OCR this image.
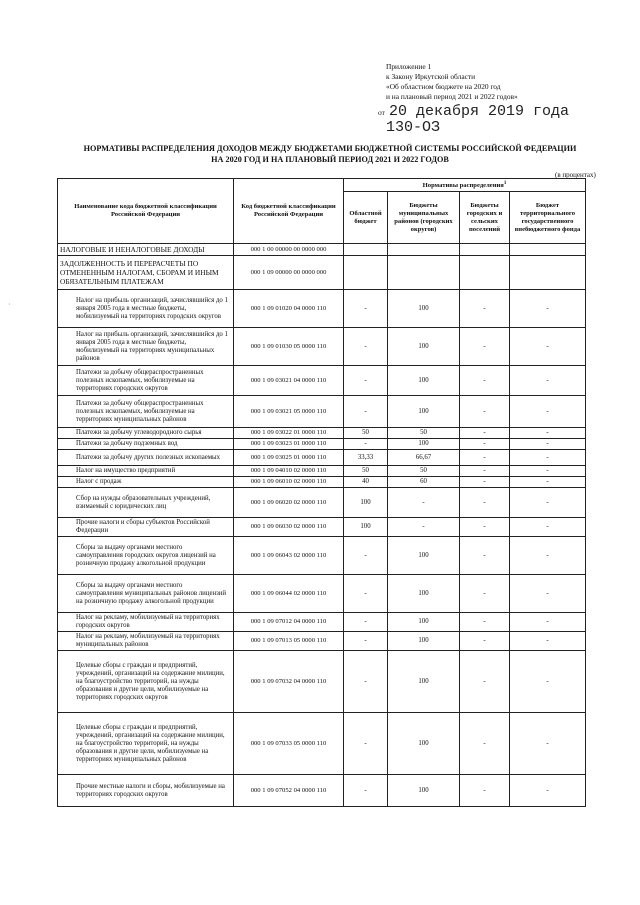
Приложение 1
к Закону Иркутской области
«Об областном бюджете на 2020 год
и на плановый период 2021 и 2022 годов»
от 20 декабря 2019 года
130-ОЗ
НОРМАТИВЫ РАСПРЕДЕЛЕНИЯ ДОХОДОВ МЕЖДУ БЮДЖЕТАМИ БЮДЖЕТНОЙ СИСТЕМЫ РОССИЙСКОЙ ФЕДЕРАЦИИ
НА 2020 ГОД И НА ПЛАНОВЫЙ ПЕРИОД 2021 И 2022 ГОДОВ
(в процентах)
Наименование кода бюджетной классификации Российской Федерации	Код бюджетной классификации Российской Федерации	Нормативы распределения$^1$
		Областной бюджет	Бюджеты муниципальных районов (городских округов)	Бюджеты городских и сельских поселений	Бюджет территориального государственного внебюджетного фонда
НАЛОГОВЫЕ И НЕНАЛОГОВЫЕ ДОХОДЫ	000 1 00 00000 00 0000 000				
ЗАДОЛЖЕННОСТЬ И ПЕРЕРАСЧЕТЫ ПО ОТМЕНЕННЫМ НАЛОГАМ, СБОРАМ И ИНЫМ ОБЯЗАТЕЛЬНЫМ ПЛАТЕЖАМ	000 1 09 00000 00 0000 000				
Налог на прибыль организаций, зачислявшийся до 1 января 2005 года в местные бюджеты, мобилизуемый на территориях городских округов	000 1 09 01020 04 0000 110	-	100	-	-
Налог на прибыль организаций, зачислявшийся до 1 января 2005 года в местные бюджеты, мобилизуемый на территориях муниципальных районов	000 1 09 01030 05 0000 110	-	100	-	-
Платежи за добычу общераспространенных полезных ископаемых, мобилизуемые на территориях городских округов	000 1 09 03021 04 0000 110	-	100	-	-
Платежи за добычу общераспространенных полезных ископаемых, мобилизуемые на территориях муниципальных районов	000 1 09 03021 05 0000 110	-	100	-	-
Платежи за добычу углеводородного сырья	000 1 09 03022 01 0000 110	50	50	-	-
Платежи за добычу подземных вод	000 1 09 03023 01 0000 110	-	100	-	-
Платежи за добычу других полезных ископаемых	000 1 09 03025 01 0000 110	33,33	66,67	-	-
Налог на имущество предприятий	000 1 09 04010 02 0000 110	50	50	-	-
Налог с продаж	000 1 09 06010 02 0000 110	40	60	-	-
Сбор на нужды образовательных учреждений, взимаемый с юридических лиц	000 1 09 06020 02 0000 110	100	-	-	-
Прочие налоги и сборы субъектов Российской Федерации	000 1 09 06030 02 0000 110	100	-	-	-
Сборы за выдачу органами местного самоуправления городских округов лицензий на розничную продажу алкогольной продукции	000 1 09 06043 02 0000 110	-	100	-	-
Сборы за выдачу органами местного самоуправления муниципальных районов лицензий на розничную продажу алкогольной продукции	000 1 09 06044 02 0000 110	-	100	-	-
Налог на рекламу, мобилизуемый на территориях городских округов	000 1 09 07012 04 0000 110	-	100	-	-
Налог на рекламу, мобилизуемый на территориях муниципальных районов	000 1 09 07013 05 0000 110	-	100	-	-
Целевые сборы с граждан и предприятий, учреждений, организаций на содержание милиции, на благоустройство территорий, на нужды образования и другие цели, мобилизуемые на территориях городских округов	000 1 09 07032 04 0000 110	-	100	-	-
Целевые сборы с граждан и предприятий, учреждений, организаций на содержание милиции, на благоустройство территорий, на нужды образования и другие цели, мобилизуемые на территориях муниципальных районов	000 1 09 07033 05 0000 110	-	100	-	-
Прочие местные налоги и сборы, мобилизуемые на территориях городских округов	000 1 09 07052 04 0000 110	-	100	-	-
·
